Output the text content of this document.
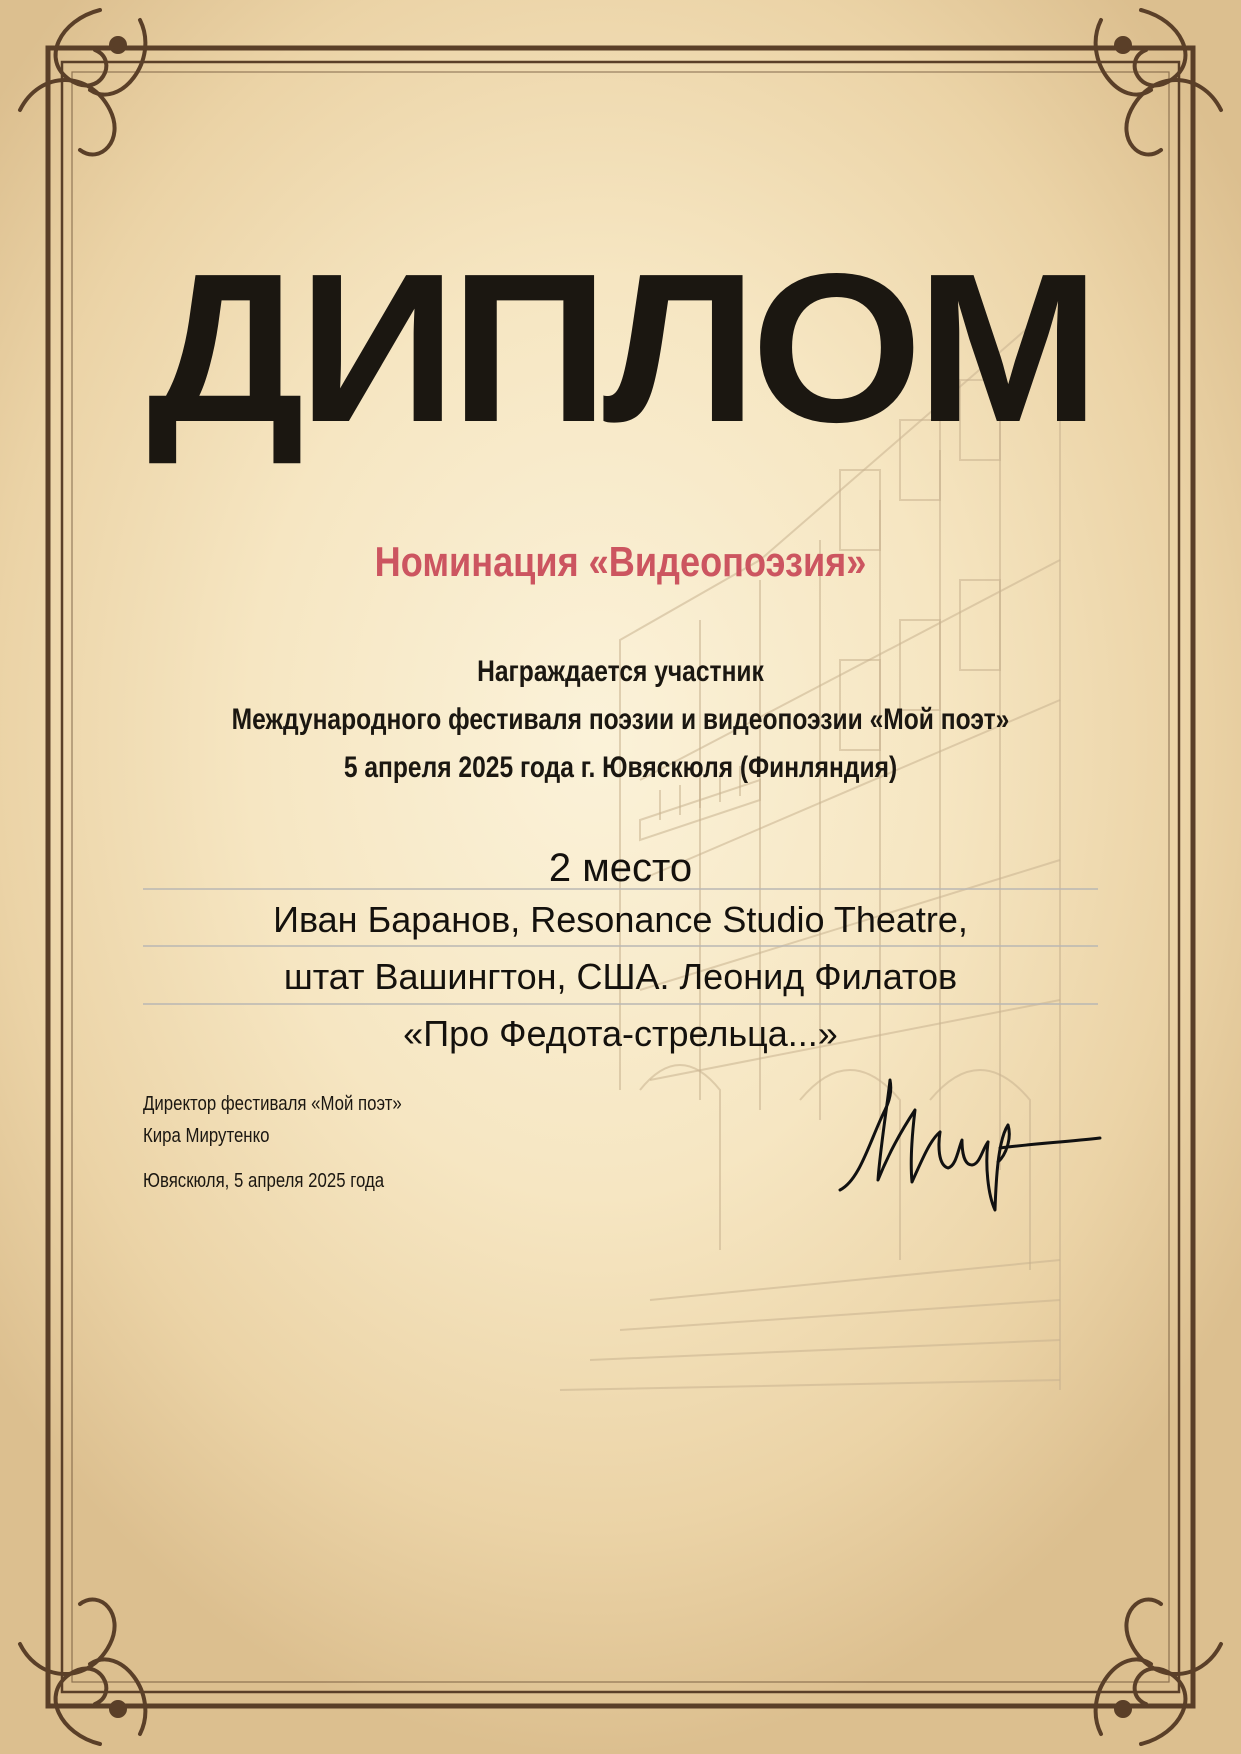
ДИПЛОМ
Номинация «Видеопоэзия»
Награждается участник
Международного фестиваля поэзии и видеопоэзии «Мой поэт»
5 апреля 2025 года г. Ювяскюля (Финляндия)
2 место
Иван Баранов, Resonance Studio Theatre,
штат Вашингтон, США. Леонид Филатов
«Про Федота-стрельца...»
Директор фестиваля «Мой поэт»
Кира Мирутенко
Ювяскюля, 5 апреля 2025 года
